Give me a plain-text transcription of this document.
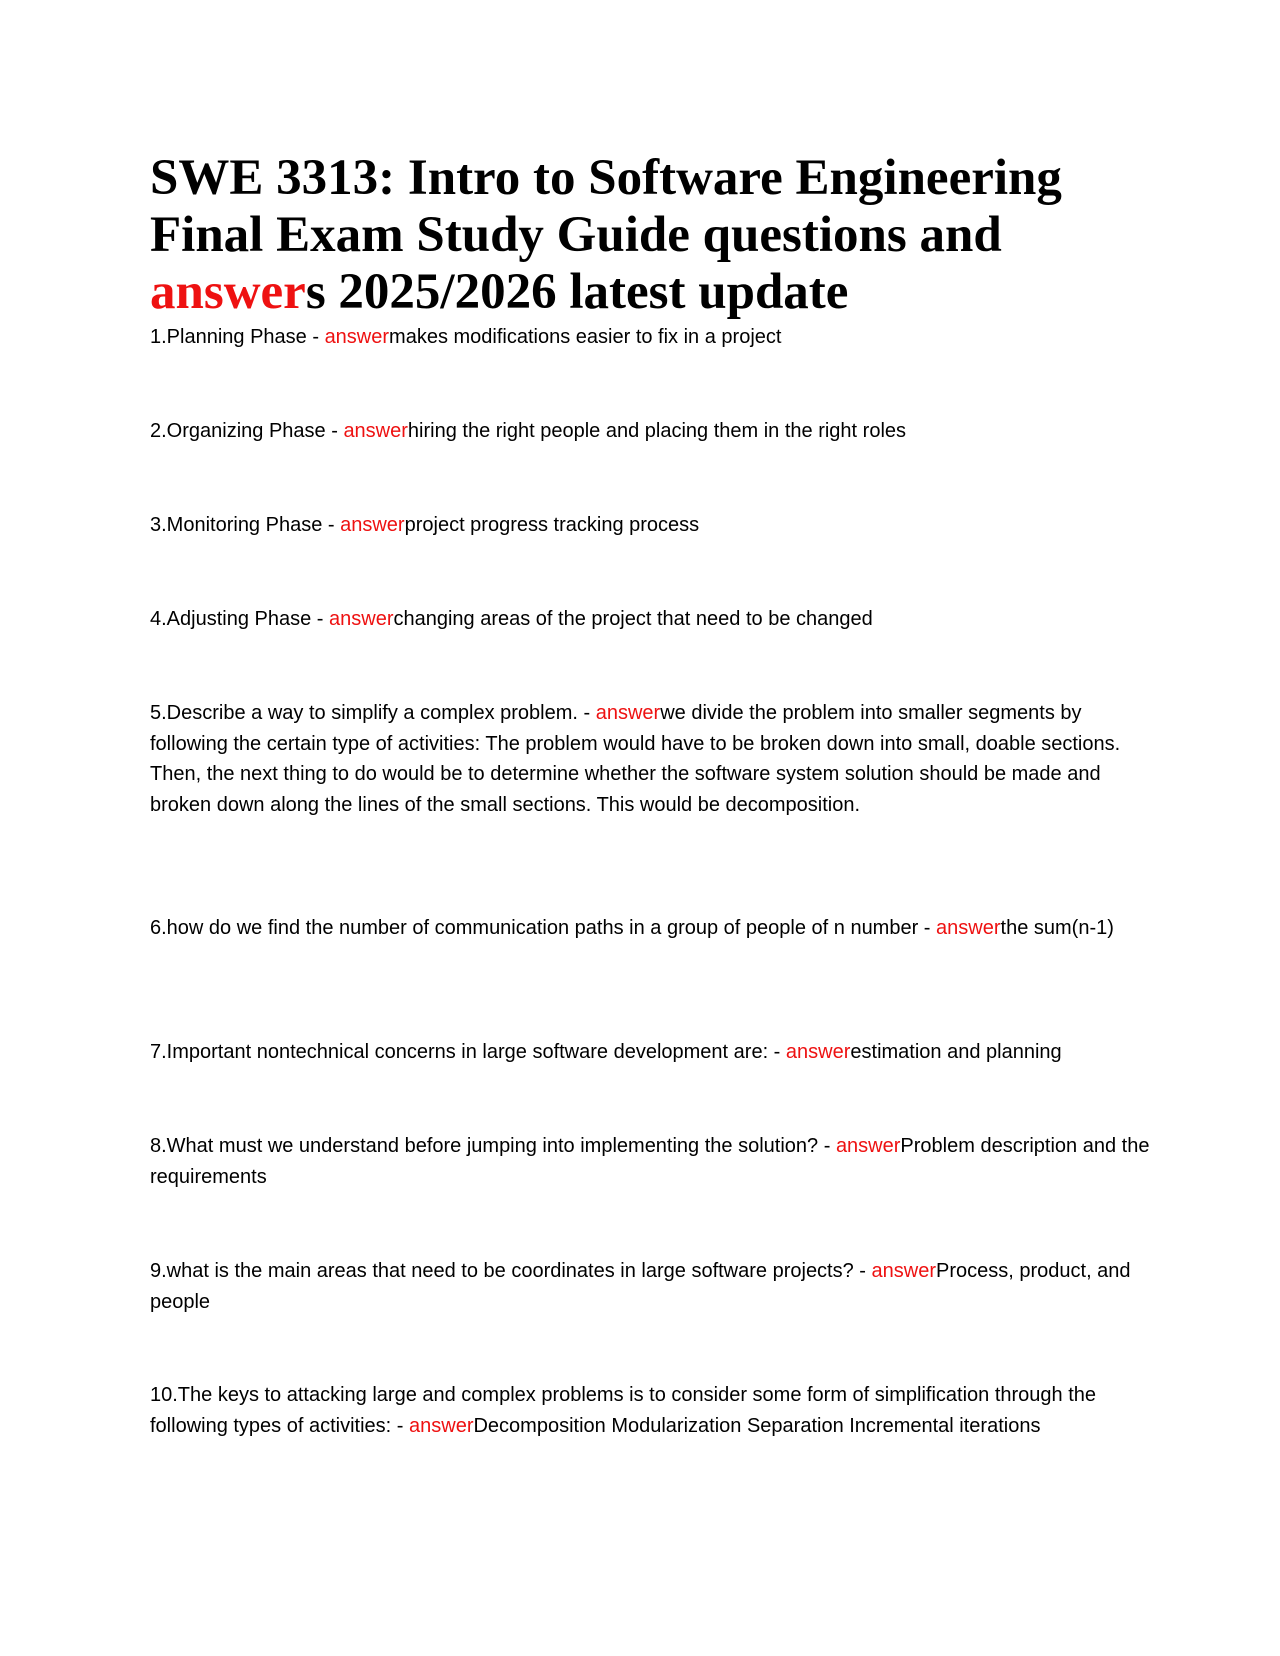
SWE 3313: Intro to Software Engineering Final Exam Study Guide questions and answers 2025/2026 latest update

1.Planning Phase - answermakes modifications easier to fix in a project

2.Organizing Phase - answerhiring the right people and placing them in the right roles

3.Monitoring Phase - answerproject progress tracking process

4.Adjusting Phase - answerchanging areas of the project that need to be changed

5.Describe a way to simplify a complex problem. - answerwe divide the problem into smaller segments by following the certain type of activities: The problem would have to be broken down into small, doable sections. Then, the next thing to do would be to determine whether the software system solution should be made and broken down along the lines of the small sections. This would be decomposition.

6.how do we find the number of communication paths in a group of people of n number - answerthe sum(n-1)

7.Important nontechnical concerns in large software development are: - answerestimation and planning

8.What must we understand before jumping into implementing the solution? - answerProblem description and the requirements

9.what is the main areas that need to be coordinates in large software projects? - answerProcess, product, and people

10.The keys to attacking large and complex problems is to consider some form of simplification through the following types of activities: - answerDecomposition Modularization Separation Incremental iterations
